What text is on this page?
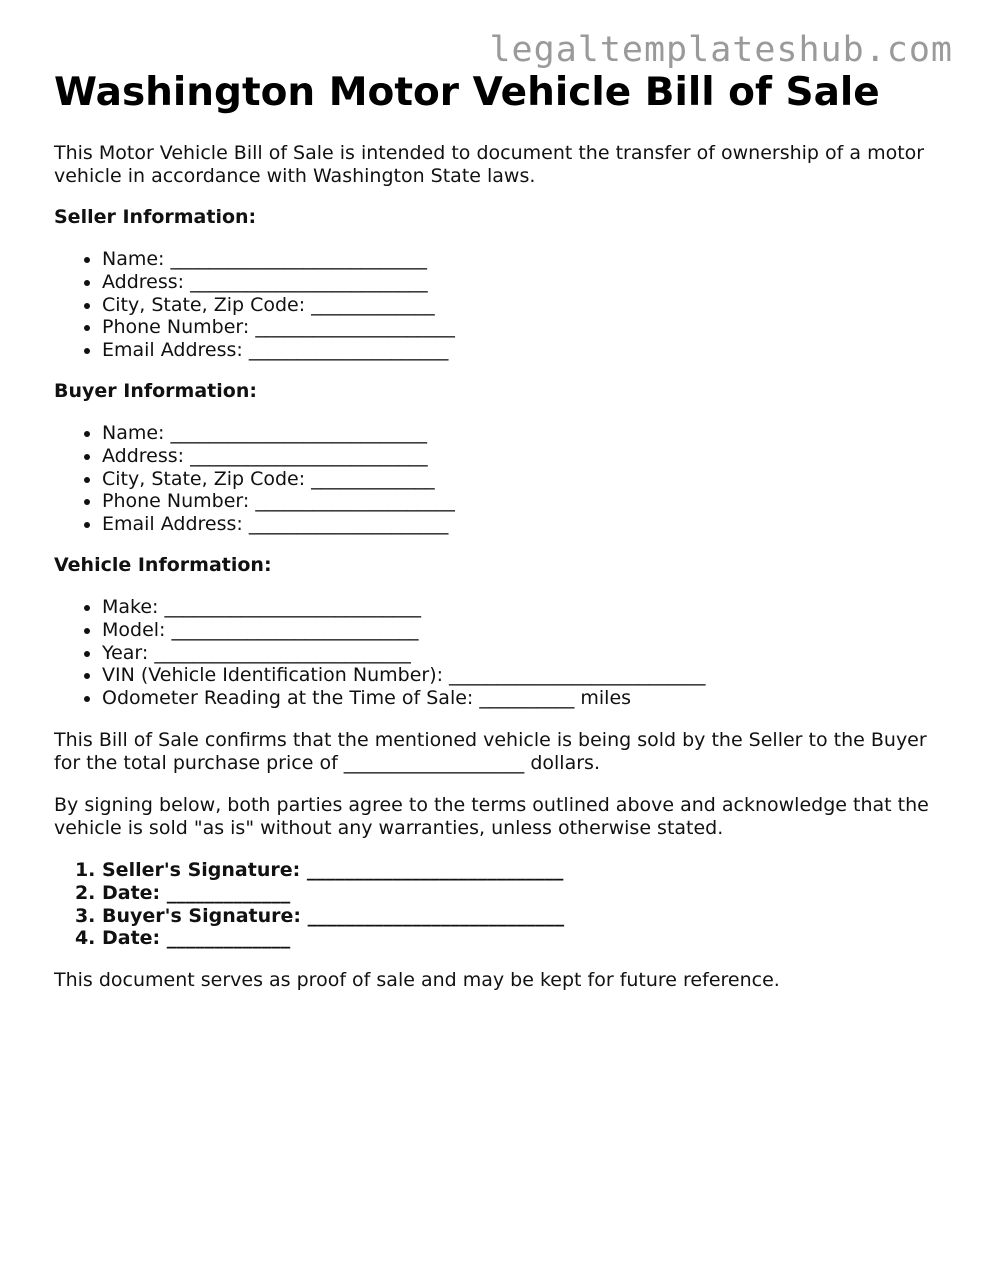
legaltemplateshub.com
Washington Motor Vehicle Bill of Sale

This Motor Vehicle Bill of Sale is intended to document the transfer of ownership of a motor vehicle in accordance with Washington State laws.

Seller Information:

• Name: ___________________________
• Address: _________________________
• City, State, Zip Code: _____________
• Phone Number: _____________________
• Email Address: _____________________

Buyer Information:

• Name: ___________________________
• Address: _________________________
• City, State, Zip Code: _____________
• Phone Number: _____________________
• Email Address: _____________________

Vehicle Information:

• Make: ___________________________
• Model: __________________________
• Year: ___________________________
• VIN (Vehicle Identification Number): ___________________________
• Odometer Reading at the Time of Sale: __________ miles

This Bill of Sale confirms that the mentioned vehicle is being sold by the Seller to the Buyer for the total purchase price of ___________________ dollars.

By signing below, both parties agree to the terms outlined above and acknowledge that the vehicle is sold "as is" without any warranties, unless otherwise stated.

1. Seller's Signature: ___________________________
2. Date: _____________
3. Buyer's Signature: ___________________________
4. Date: _____________

This document serves as proof of sale and may be kept for future reference.
